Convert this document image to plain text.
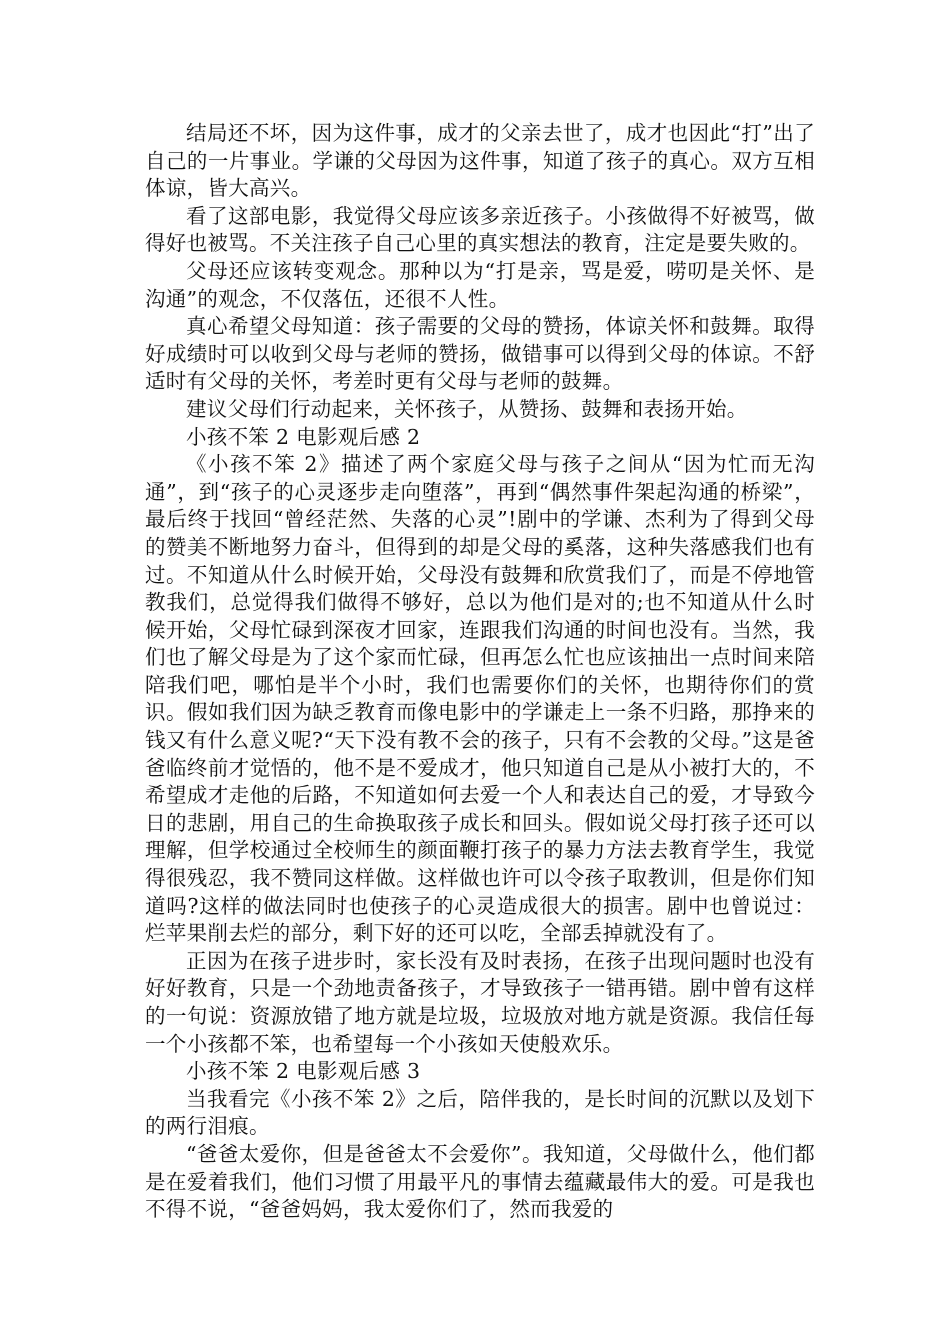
结局还不坏，因为这件事，成才的父亲去世了，成才也因此“打”出了自己的一片事业。学谦的父母因为这件事，知道了孩子的真心。双方互相体谅，皆大高兴。

看了这部电影，我觉得父母应该多亲近孩子。小孩做得不好被骂，做得好也被骂。不关注孩子自己心里的真实想法的教育，注定是要失败的。

父母还应该转变观念。那种以为“打是亲，骂是爱，唠叨是关怀、是沟通”的观念，不仅落伍，还很不人性。

真心希望父母知道：孩子需要的父母的赞扬，体谅关怀和鼓舞。取得好成绩时可以收到父母与老师的赞扬，做错事可以得到父母的体谅。不舒适时有父母的关怀，考差时更有父母与老师的鼓舞。

建议父母们行动起来，关怀孩子，从赞扬、鼓舞和表扬开始。

小孩不笨 2 电影观后感 2

《小孩不笨 2》描述了两个家庭父母与孩子之间从“因为忙而无沟通”，到“孩子的心灵逐步走向堕落”，再到“偶然事件架起沟通的桥梁”，最后终于找回“曾经茫然、失落的心灵”!剧中的学谦、杰利为了得到父母的赞美不断地努力奋斗，但得到的却是父母的奚落，这种失落感我们也有过。不知道从什么时候开始，父母没有鼓舞和欣赏我们了，而是不停地管教我们，总觉得我们做得不够好，总以为他们是对的;也不知道从什么时候开始，父母忙碌到深夜才回家，连跟我们沟通的时间也没有。当然，我们也了解父母是为了这个家而忙碌，但再怎么忙也应该抽出一点时间来陪陪我们吧，哪怕是半个小时，我们也需要你们的关怀，也期待你们的赏识。假如我们因为缺乏教育而像电影中的学谦走上一条不归路，那挣来的钱又有什么意义呢?“天下没有教不会的孩子，只有不会教的父母。”这是爸爸临终前才觉悟的，他不是不爱成才，他只知道自己是从小被打大的，不希望成才走他的后路，不知道如何去爱一个人和表达自己的爱，才导致今日的悲剧，用自己的生命换取孩子成长和回头。假如说父母打孩子还可以理解，但学校通过全校师生的颜面鞭打孩子的暴力方法去教育学生，我觉得很残忍，我不赞同这样做。这样做也许可以令孩子取教训，但是你们知道吗?这样的做法同时也使孩子的心灵造成很大的损害。剧中也曾说过：烂苹果削去烂的部分，剩下好的还可以吃，全部丢掉就没有了。

正因为在孩子进步时，家长没有及时表扬，在孩子出现问题时也没有好好教育，只是一个劲地责备孩子，才导致孩子一错再错。剧中曾有这样的一句说：资源放错了地方就是垃圾，垃圾放对地方就是资源。我信任每一个小孩都不笨，也希望每一个小孩如天使般欢乐。

小孩不笨 2 电影观后感 3

当我看完《小孩不笨 2》之后，陪伴我的，是长时间的沉默以及划下的两行泪痕。

“爸爸太爱你，但是爸爸太不会爱你”。我知道，父母做什么，他们都是在爱着我们，他们习惯了用最平凡的事情去蕴藏最伟大的爱。可是我也不得不说，“爸爸妈妈，我太爱你们了，然而我爱的
